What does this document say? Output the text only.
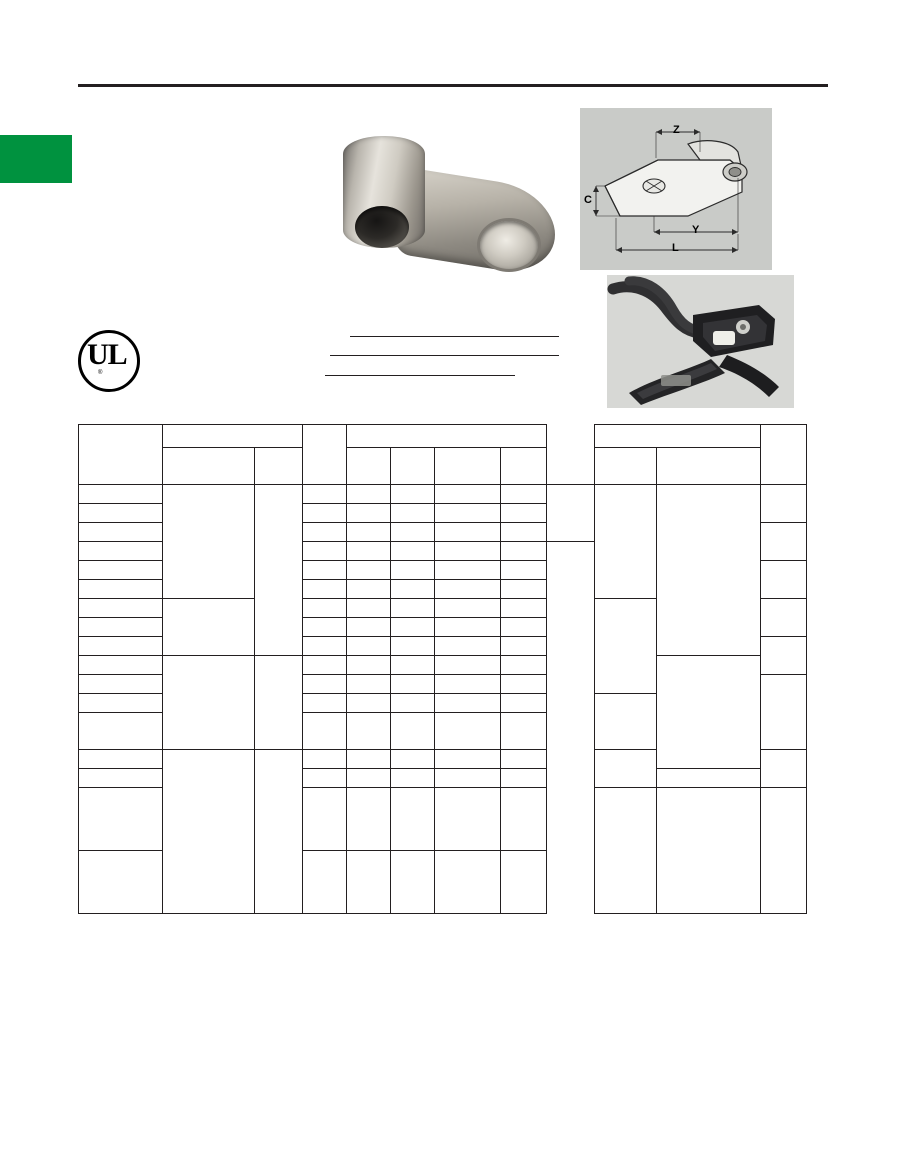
Z
C
Y
L
UL
®
